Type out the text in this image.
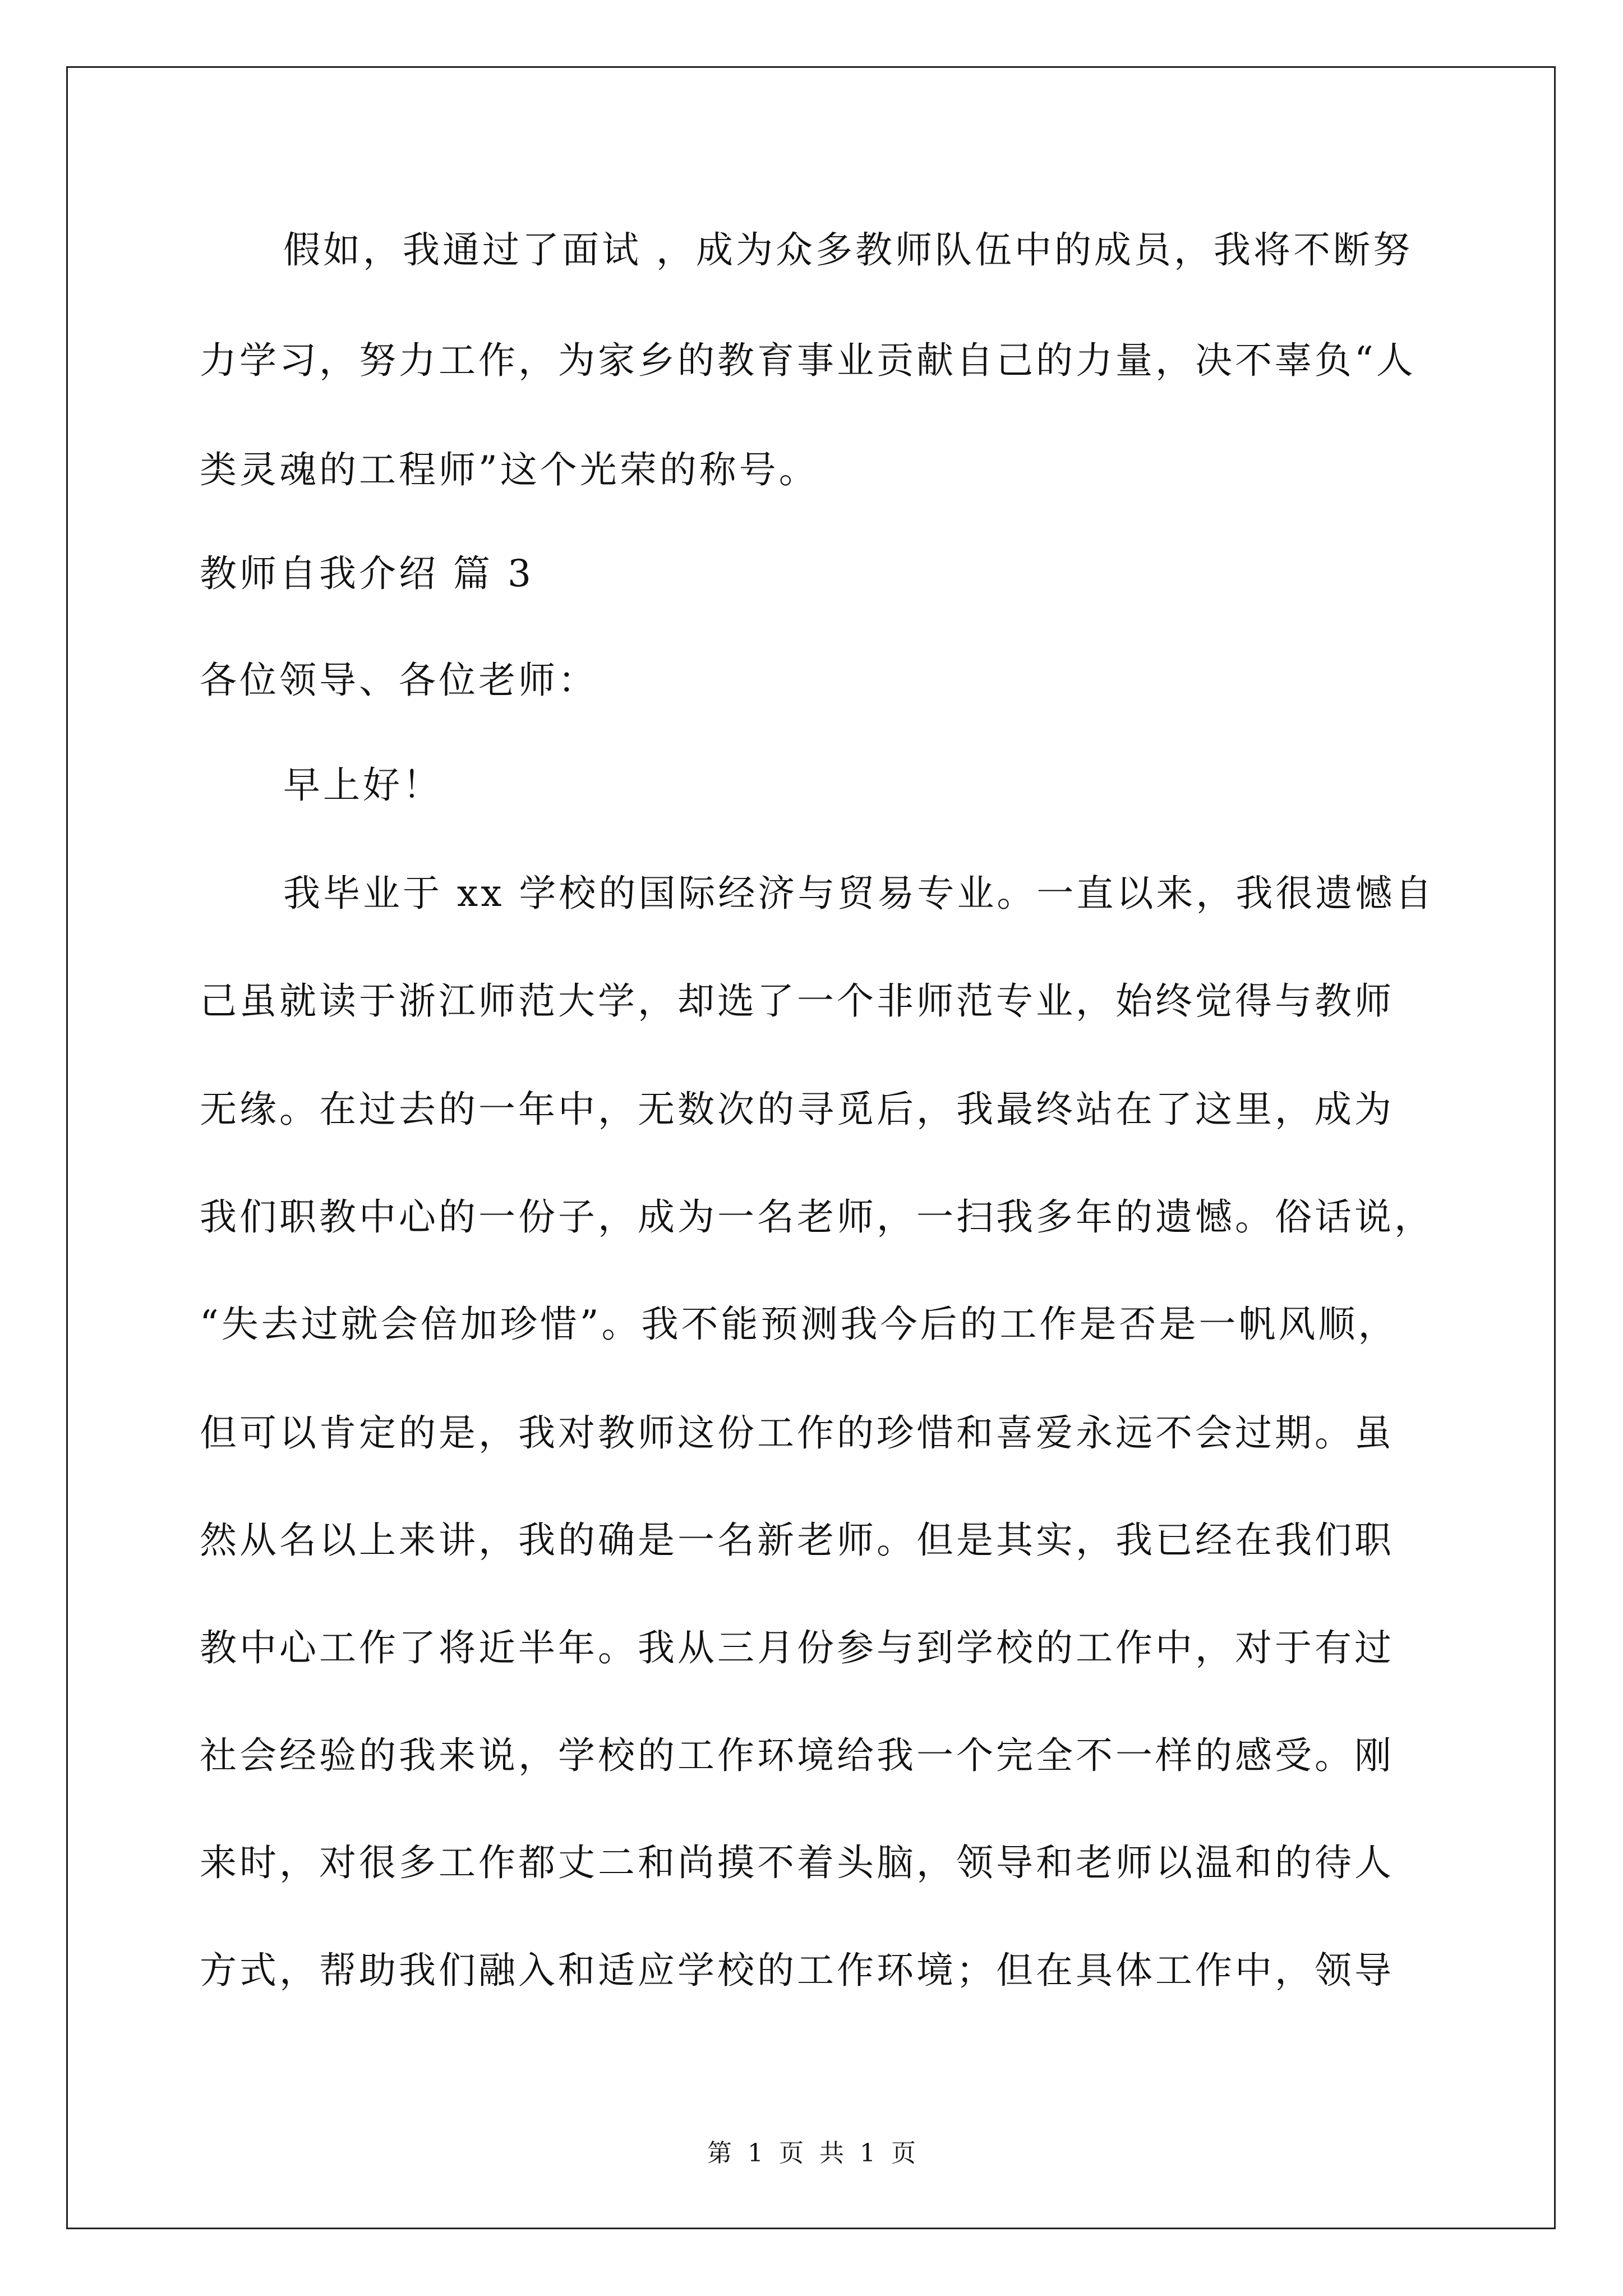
假如，我通过了面试 ，成为众多教师队伍中的成员，我将不断努
力学习，努力工作，为家乡的教育事业贡献自己的力量，决不辜负“人
类灵魂的工程师”这个光荣的称号。
教师自我介绍 篇 3
各位领导、各位老师：
早上好！
我毕业于 xx 学校的国际经济与贸易专业。一直以来，我很遗憾自
己虽就读于浙江师范大学，却选了一个非师范专业，始终觉得与教师
无缘。在过去的一年中，无数次的寻觅后，我最终站在了这里，成为
我们职教中心的一份子，成为一名老师，一扫我多年的遗憾。俗话说，
“失去过就会倍加珍惜”。我不能预测我今后的工作是否是一帆风顺，
但可以肯定的是，我对教师这份工作的珍惜和喜爱永远不会过期。虽
然从名以上来讲，我的确是一名新老师。但是其实，我已经在我们职
教中心工作了将近半年。我从三月份参与到学校的工作中，对于有过
社会经验的我来说，学校的工作环境给我一个完全不一样的感受。刚
来时，对很多工作都丈二和尚摸不着头脑，领导和老师以温和的待人
方式，帮助我们融入和适应学校的工作环境；但在具体工作中，领导
第 1 页 共 1 页
